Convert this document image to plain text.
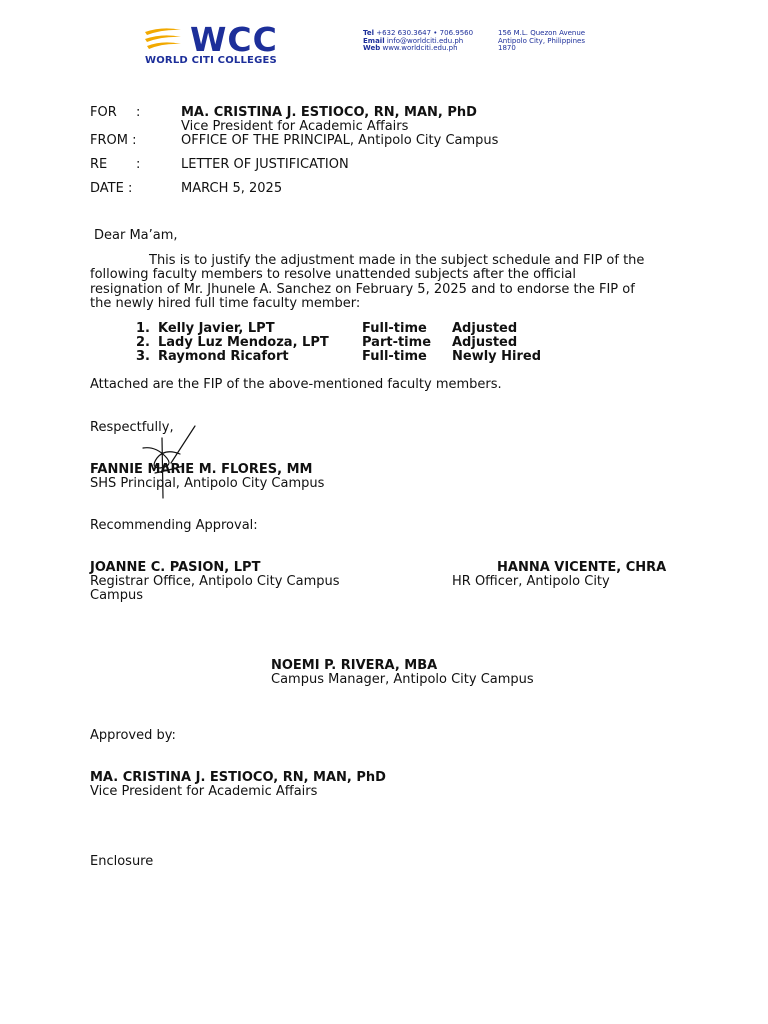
WCC
WORLD CITI COLLEGES
Tel +632 630.3647 • 706.9560
Email info@worldciti.edu.ph
Web www.worldciti.edu.ph
156 M.L. Quezon Avenue
Antipolo City, Philippines
1870
FOR :	MA. CRISTINA J. ESTIOCO, RN, MAN, PhD
Vice President for Academic Affairs
FROM :	OFFICE OF THE PRINCIPAL, Antipolo City Campus
RE :	LETTER OF JUSTIFICATION
DATE :	MARCH 5, 2025
Dear Ma’am,
This is to justify the adjustment made in the subject schedule and FIP of the
following faculty members to resolve unattended subjects after the official
resignation of Mr. Jhunele A. Sanchez on February 5, 2025 and to endorse the FIP of
the newly hired full time faculty member:
1. Kelly Javier, LPT	Full-time Adjusted
2. Lady Luz Mendoza, LPT	Part-time Adjusted
3. Raymond Ricafort	Full-time Newly Hired
Attached are the FIP of the above-mentioned faculty members.
Respectfully,
FANNIE MARIE M. FLORES, MM
SHS Principal, Antipolo City Campus
Recommending Approval:
JOANNE C. PASION, LPT
Registrar Office, Antipolo City Campus
Campus
HANNA VICENTE, CHRA
HR Officer, Antipolo City
NOEMI P. RIVERA, MBA
Campus Manager, Antipolo City Campus
Approved by:
MA. CRISTINA J. ESTIOCO, RN, MAN, PhD
Vice President for Academic Affairs
Enclosure
